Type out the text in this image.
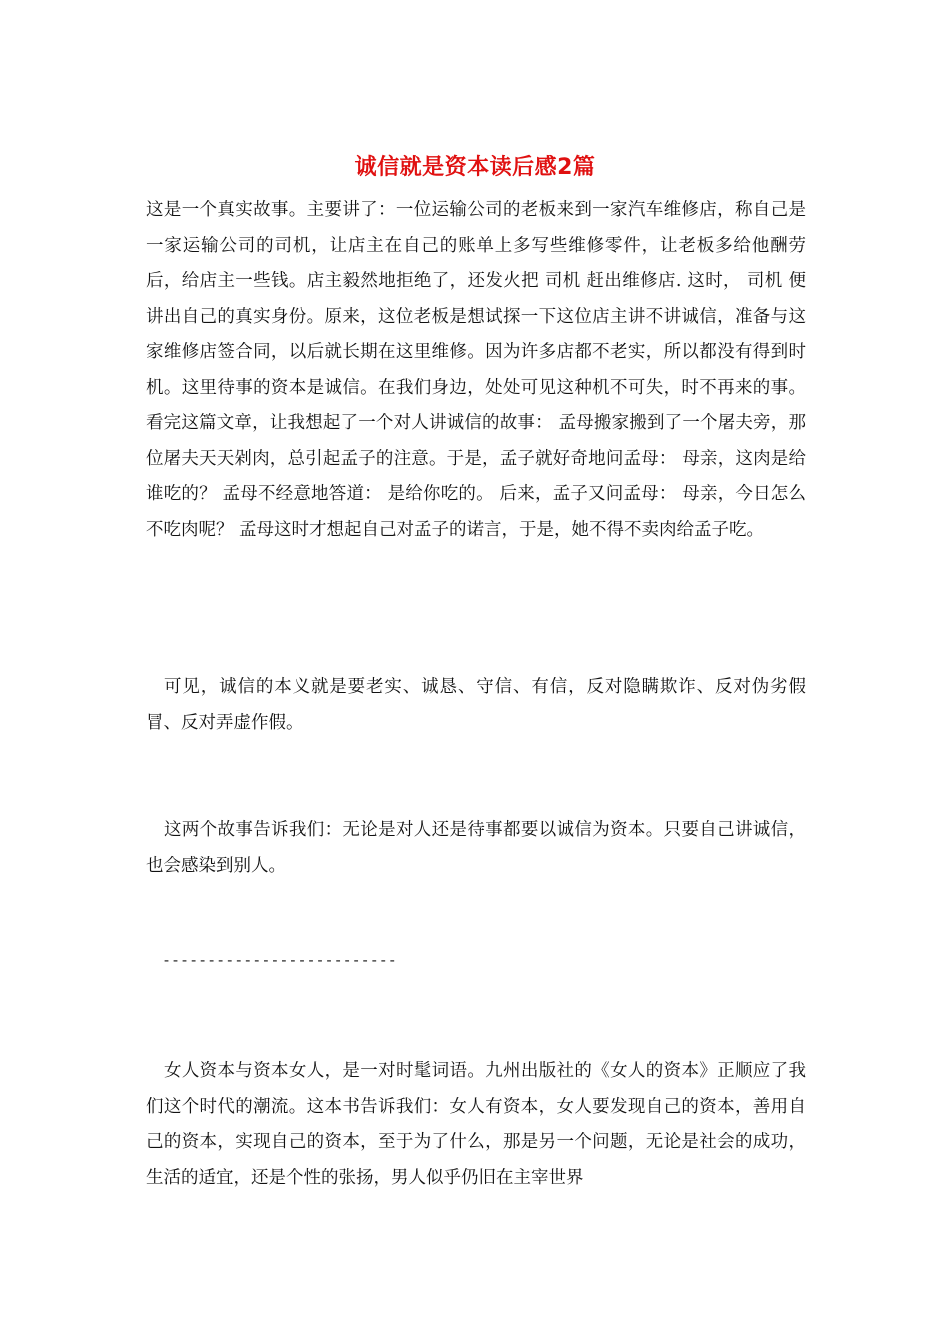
诚信就是资本读后感2篇

这是一个真实故事。主要讲了：一位运输公司的老板来到一家汽车维修店，称自己是一家运输公司的司机，让店主在自己的账单上多写些维修零件，让老板多给他酬劳后，给店主一些钱。店主毅然地拒绝了，还发火把 司机 赶出维修店. 这时， 司机 便讲出自己的真实身份。原来，这位老板是想试探一下这位店主讲不讲诚信，准备与这家维修店签合同，以后就长期在这里维修。因为许多店都不老实，所以都没有得到时机。这里待事的资本是诚信。在我们身边，处处可见这种机不可失，时不再来的事。看完这篇文章，让我想起了一个对人讲诚信的故事： 孟母搬家搬到了一个屠夫旁，那位屠夫天天剁肉，总引起孟子的注意。于是，孟子就好奇地问孟母： 母亲，这肉是给谁吃的？ 孟母不经意地答道： 是给你吃的。 后来，孟子又问孟母： 母亲，今日怎么不吃肉呢？ 孟母这时才想起自己对孟子的诺言，于是，她不得不卖肉给孟子吃。

可见，诚信的本义就是要老实、诚恳、守信、有信，反对隐瞒欺诈、反对伪劣假冒、反对弄虚作假。

这两个故事告诉我们：无论是对人还是待事都要以诚信为资本。只要自己讲诚信，也会感染到别人。

--------------------------

女人资本与资本女人，是一对时髦词语。九州出版社的《女人的资本》正顺应了我们这个时代的潮流。这本书告诉我们：女人有资本，女人要发现自己的资本，善用自己的资本，实现自己的资本，至于为了什么，那是另一个问题，无论是社会的成功，生活的适宜，还是个性的张扬，男人似乎仍旧在主宰世界
